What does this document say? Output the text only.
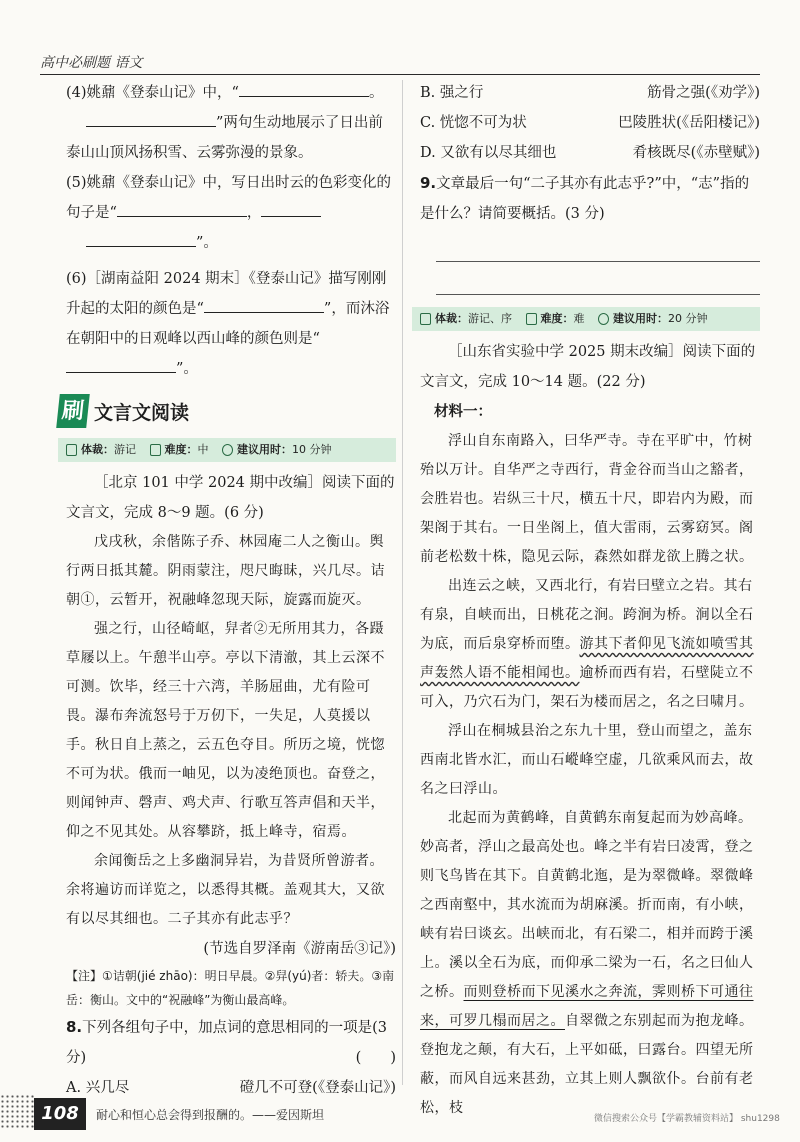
高中必刷题 语文
(4)姚鼐《登泰山记》中，“	。
”两句生动地展示了日出前泰山山顶风扬积雪、云雾弥漫的景象。
(5)姚鼐《登泰山记》中，写日出时云的色彩变化的句子是“	，
”。
(6)［湖南益阳 2024 期末］《登泰山记》描写刚刚升起的太阳的颜色是“	”，而沐浴在朝阳中的日观峰以西山峰的颜色则是“”。
刷 文言文阅读
体裁：游记	难度：中	建议用时：10 分钟
［北京 101 中学 2024 期中改编］阅读下面的文言文，完成 8～9 题。(6 分)
戊戌秋，余偕陈子乔、林园庵二人之衡山。舆行两日抵其麓。阴雨蒙注，咫尺晦昧，兴几尽。诘朝①，云暂开，祝融峰忽现天际，旋露而旋灭。
强之行，山径崎岖，舁者②无所用其力，各蹑草屦以上。午憩半山亭。亭以下清澈，其上云深不可测。饮毕，经三十六湾，羊肠屈曲，尤有险可畏。瀑布奔流怒号于万仞下，一失足，人莫援以手。秋日自上蒸之，云五色夺目。所历之境，恍惚不可为状。俄而一岫见，以为凌绝顶也。奋登之，则闻钟声、磬声、鸡犬声、行歌互答声倡和天半，仰之不见其处。从容攀跻，抵上峰寺，宿焉。
余闻衡岳之上多幽洞异岩，为昔贤所曾游者。余将遍访而详览之，以悉得其概。盖观其大，又欲有以尽其细也。二子其亦有此志乎？
(节选自罗泽南《游南岳③记》)
【注】①诘朝(jié zhāo)：明日早晨。②舁(yú)者：轿夫。③南岳：衡山。文中的“祝融峰”为衡山最高峰。
8.下列各组句子中，加点词的意思相同的一项是(3 分)	(　　)
A. 兴几尽	磴几不可登(《登泰山记》)
B. 强之行	筋骨之强(《劝学》)
C. 恍惚不可为状	巴陵胜状(《岳阳楼记》)
D. 又欲有以尽其细也	肴核既尽(《赤壁赋》)
9.文章最后一句“二子其亦有此志乎?”中，“志”指的是什么？请简要概括。(3 分)
体裁：游记、序	难度：难	建议用时：20 分钟
［山东省实验中学 2025 期末改编］阅读下面的文言文，完成 10～14 题。(22 分)
材料一：
浮山自东南路入，曰华严寺。寺在平旷中，竹树殆以万计。自华严之寺西行，背金谷而当山之豁者，会胜岩也。岩纵三十尺，横五十尺，即岩内为殿，而架阁于其右。一日坐阁上，值大雷雨，云雾窈冥。阁前老松数十株，隐见云际，森然如群龙欲上腾之状。
出连云之峡，又西北行，有岩曰壁立之岩。其右有泉，自峡而出，日桃花之涧。跨涧为桥。涧以全石为底，而后泉穿桥而堕。游其下者仰见飞流如喷雪其声轰然人语不能相闻也。逾桥而西有岩，石壁陡立不可入，乃穴石为门，架石为楼而居之，名之曰啸月。
浮山在桐城县治之东九十里，登山而望之，盖东西南北皆水汇，而山石嵷峰空虚，几欲乘风而去，故名之曰浮山。
北起而为黄鹤峰，自黄鹤东南复起而为妙高峰。妙高者，浮山之最高处也。峰之半有岩曰凌霄，登之则飞鸟皆在其下。自黄鹤北迤，是为翠微峰。翠微峰之西南壑中，其水流而为胡麻溪。折而南，有小峡，峡有岩曰谈玄。出峡而北，有石梁二，相并而跨于溪上。溪以全石为底，而仰承二梁为一石，名之曰仙人之桥。而则登桥而下见溪水之奔流，霁则桥下可通往来，可罗几榻而居之。自翠微之东别起而为抱龙峰。登抱龙之颠，有大石，上平如砥，曰露台。四望无所蔽，而风自远来甚劲，立其上则人飘欲仆。台前有老松，枝
108	耐心和恒心总会得到报酬的。——爱因斯坦	微信搜索公众号【学霸教辅资料站】 shu1298
